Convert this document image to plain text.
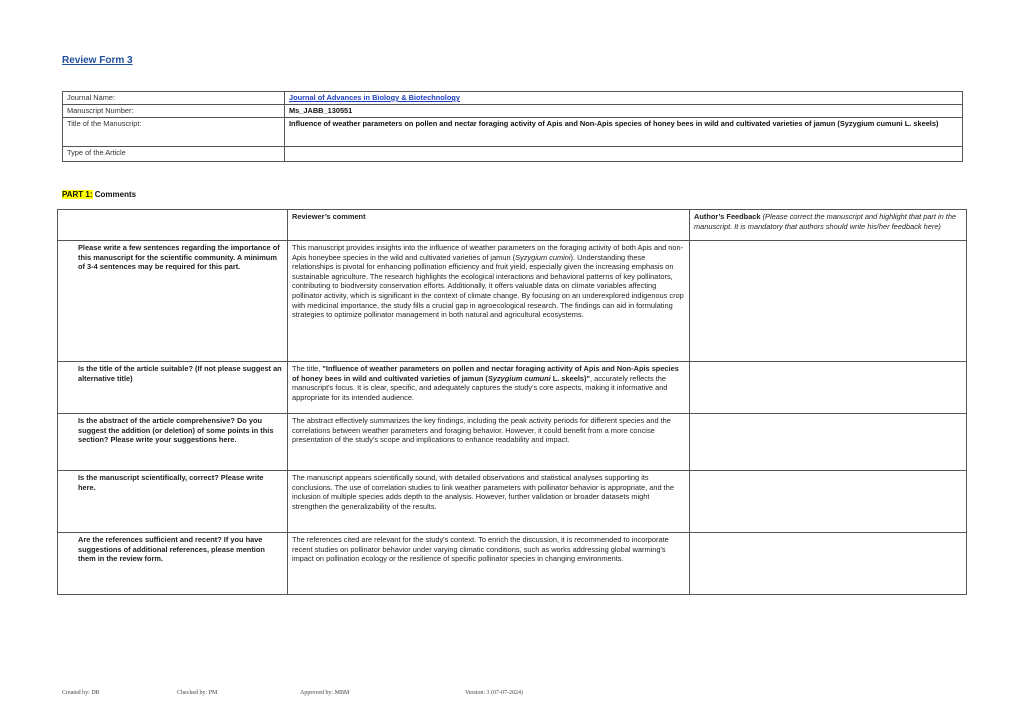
Review Form 3
Journal Name:	Journal of Advances in Biology & Biotechnology
Manuscript Number:	Ms_JABB_130551
Title of the Manuscript:	Influence of weather parameters on pollen and nectar foraging activity of Apis and Non-Apis species of honey bees in wild and cultivated varieties of jamun (Syzygium cumuni L. skeels)
Type of the Article	
PART 1: Comments
	Reviewer’s comment	Author’s Feedback (Please correct the manuscript and highlight that part in the manuscript. It is mandatory that authors should write his/her feedback here)
Please write a few sentences regarding the importance of this manuscript for the scientific community. A minimum of 3-4 sentences may be required for this part.	This manuscript provides insights into the influence of weather parameters on the foraging activity of both Apis and non-Apis honeybee species in the wild and cultivated varieties of jamun (Syzygium cumini). Understanding these relationships is pivotal for enhancing pollination efficiency and fruit yield, especially given the increasing emphasis on sustainable agriculture. The research highlights the ecological interactions and behavioral patterns of key pollinators, contributing to biodiversity conservation efforts. Additionally, it offers valuable data on climate variables affecting pollinator activity, which is significant in the context of climate change. By focusing on an underexplored indigenous crop with medicinal importance, the study fills a crucial gap in agroecological research. The findings can aid in formulating strategies to optimize pollinator management in both natural and agricultural ecosystems.	
Is the title of the article suitable? (If not please suggest an alternative title)	The title, "Influence of weather parameters on pollen and nectar foraging activity of Apis and Non-Apis species of honey bees in wild and cultivated varieties of jamun (Syzygium cumuni L. skeels)", accurately reflects the manuscript's focus. It is clear, specific, and adequately captures the study's core aspects, making it informative and appropriate for its intended audience.	
Is the abstract of the article comprehensive? Do you suggest the addition (or deletion) of some points in this section? Please write your suggestions here.	The abstract effectively summarizes the key findings, including the peak activity periods for different species and the correlations between weather parameters and foraging behavior. However, it could benefit from a more concise presentation of the study's scope and implications to enhance readability and impact.	
Is the manuscript scientifically, correct? Please write here.	The manuscript appears scientifically sound, with detailed observations and statistical analyses supporting its conclusions. The use of correlation studies to link weather parameters with pollinator behavior is appropriate, and the inclusion of multiple species adds depth to the analysis. However, further validation or broader datasets might strengthen the generalizability of the results.	
Are the references sufficient and recent? If you have suggestions of additional references, please mention them in the review form.	The references cited are relevant for the study's context. To enrich the discussion, it is recommended to incorporate recent studies on pollinator behavior under varying climatic conditions, such as works addressing global warming's impact on pollination ecology or the resilience of specific pollinator species in changing environments.	
Created by: DR	Checked by: PM	Approved by: MBM	Version: 3 (07-07-2024)
